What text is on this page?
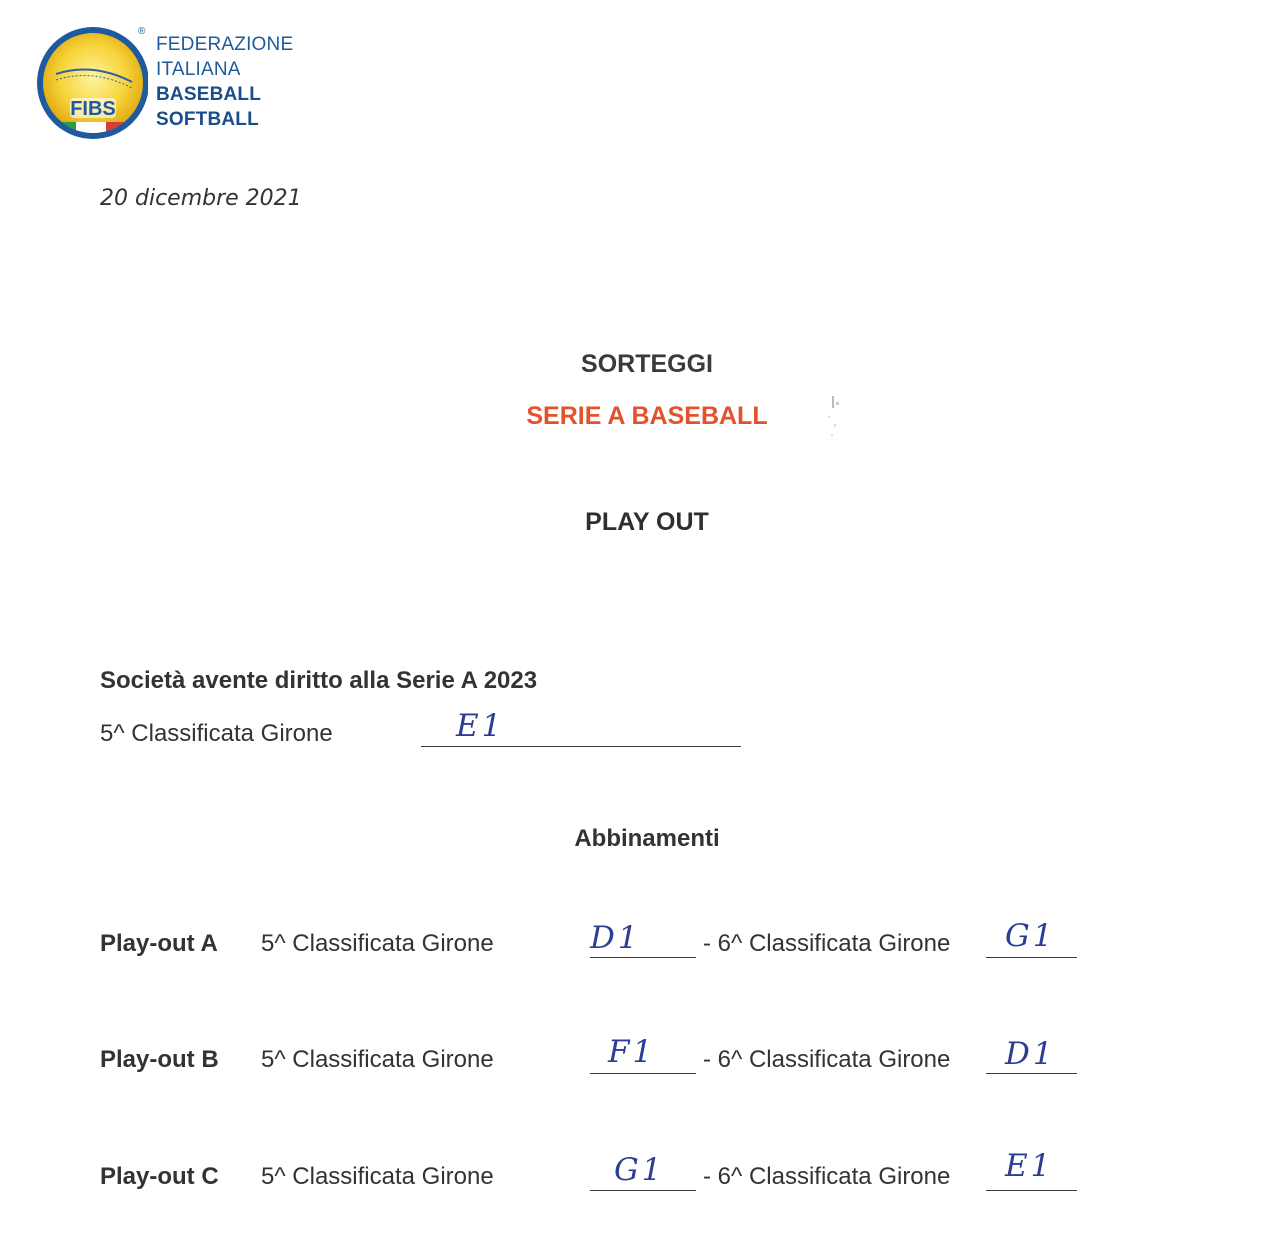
FIBS
®
FEDERAZIONE
ITALIANA
BASEBALL
SOFTBALL
20 dicembre 2021
SORTEGGI
SERIE A BASEBALL
PLAY OUT
Società avente diritto alla Serie A 2023
5^ Classificata Girone	E1
Abbinamenti
Play-out A 5^ Classificata Girone	D1	- 6^ Classificata Girone G1
Play-out B 5^ Classificata Girone	F1 - 6^ Classificata Girone D1
Play-out C 5^ Classificata Girone	G1 - 6^ Classificata Girone E1
